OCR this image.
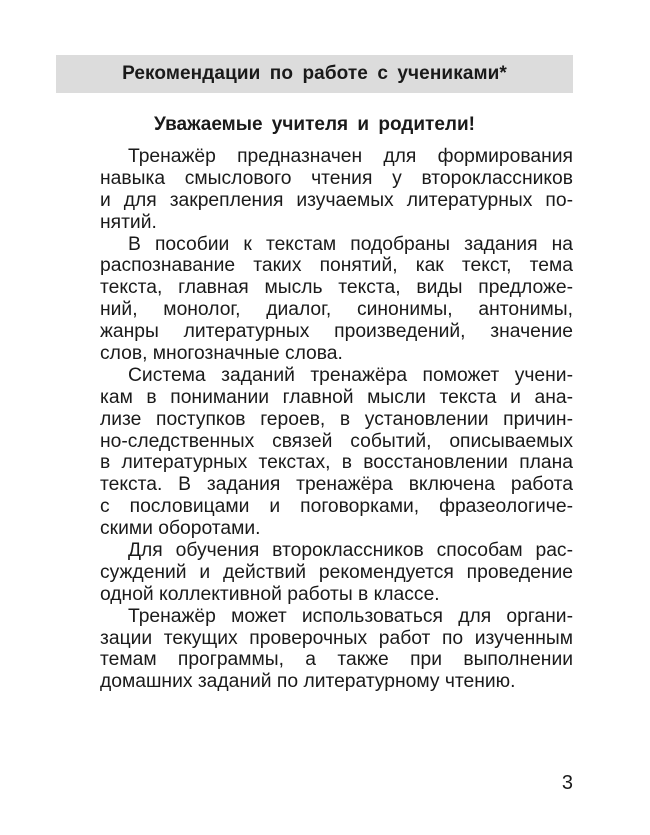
Рекомендации по работе с учениками*
Уважаемые учителя и родители!
Тренажёр предназначен для формирования
навыка смыслового чтения у второклассников
и для закрепления изучаемых литературных по-
нятий.
В пособии к текстам подобраны задания на
распознавание таких понятий, как текст, тема
текста, главная мысль текста, виды предложе-
ний, монолог, диалог, синонимы, антонимы,
жанры литературных произведений, значение
слов, многозначные слова.
Система заданий тренажёра поможет учени-
кам в понимании главной мысли текста и ана-
лизе поступков героев, в установлении причин-
но-следственных связей событий, описываемых
в литературных текстах, в восстановлении плана
текста. В задания тренажёра включена работа
с пословицами и поговорками, фразеологиче-
скими оборотами.
Для обучения второклассников способам рас-
суждений и действий рекомендуется проведение
одной коллективной работы в классе.
Тренажёр может использоваться для органи-
зации текущих проверочных работ по изученным
темам программы, а также при выполнении
домашних заданий по литературному чтению.
3
